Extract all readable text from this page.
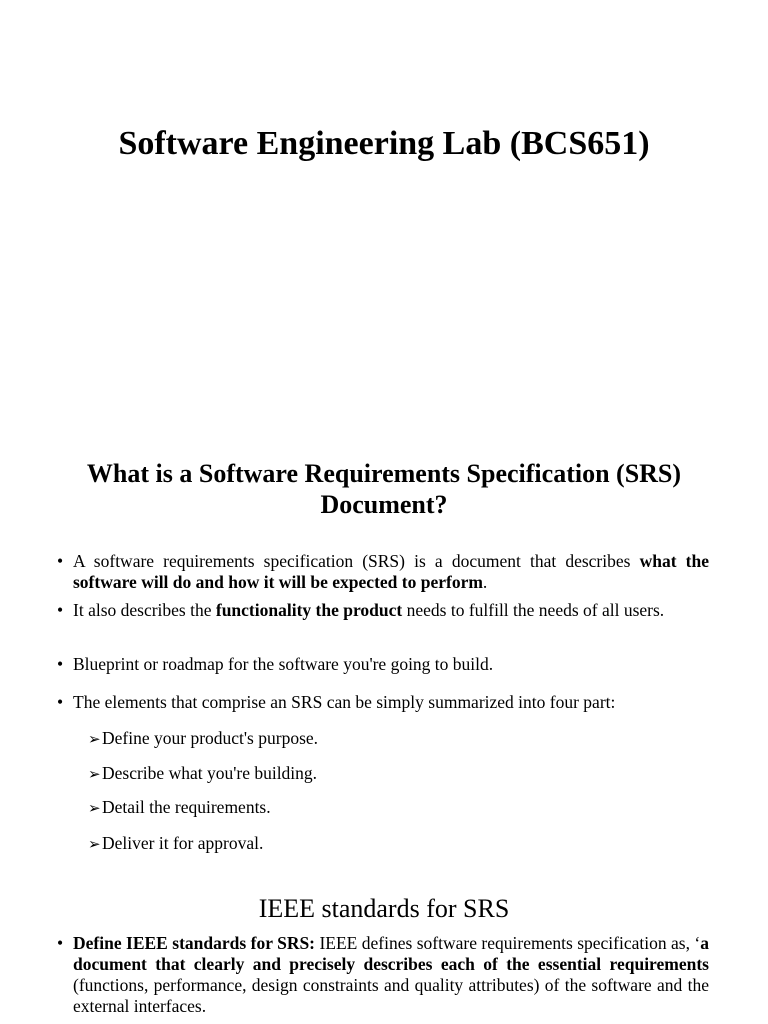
Software Engineering Lab (BCS651)
What is a Software Requirements Specification (SRS) Document?
• A software requirements specification (SRS) is a document that describes what the software will do and how it will be expected to perform.
• It also describes the functionality the product needs to fulfill the needs of all users.
• Blueprint or roadmap for the software you're going to build.
• The elements that comprise an SRS can be simply summarized into four part:
➢Define your product's purpose.
➢Describe what you're building.
➢Detail the requirements.
➢Deliver it for approval.
IEEE standards for SRS
• Define IEEE standards for SRS: IEEE defines software requirements specification as, ‘a document that clearly and precisely describes each of the essential requirements (functions, performance, design constraints and quality attributes) of the software and the external interfaces.
